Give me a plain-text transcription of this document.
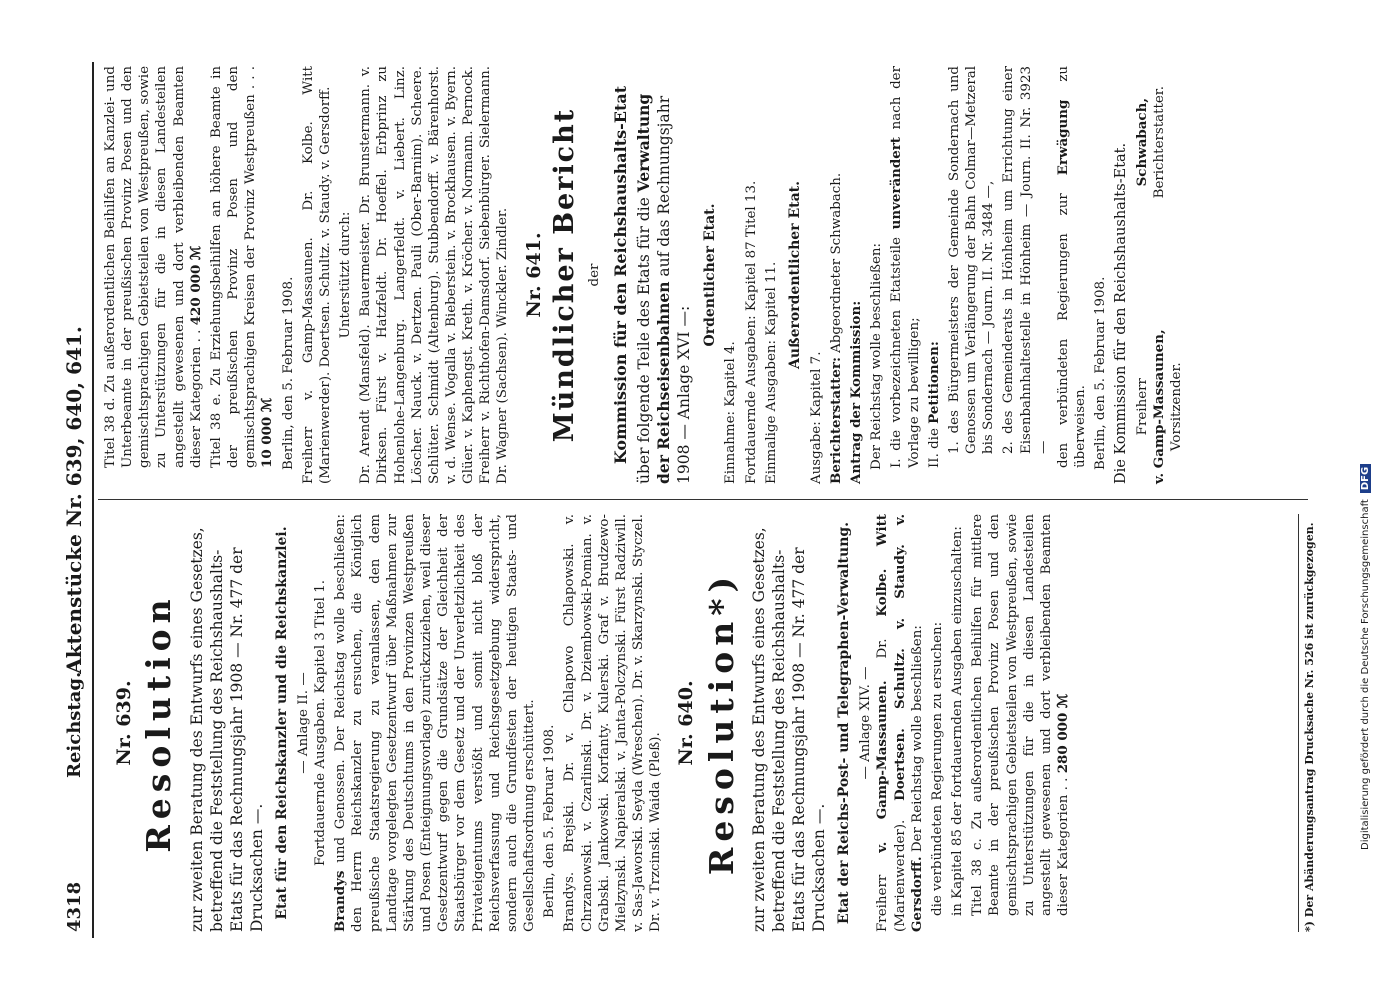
4318
Reichstag.
Aktenstücke Nr. 639, 640, 641.
Nr. 639. Resolution zur zweiten Beratung des Entwurfs eines Gesetzes, betreffend die Feststellung des Reichshaushalts-Etats für das Rechnungsjahr 1908 — Nr. 477 der Drucksachen —. Etat für den Reichskanzler und die Reichskanzlei. — Anlage II. — Fortdauernde Ausgaben. Kapitel 3 Titel 1.

Brandys und Genossen. Der Reichstag wolle beschließen: den Herrn Reichskanzler zu ersuchen, die Königlich preußische Staatsregierung zu veranlassen, den dem Landtage vorgelegten Gesetzentwurf über Maßnahmen zur Stärkung des Deutschtums in den Provinzen Westpreußen und Posen (Enteignungsvorlage) zurückzuziehen, weil dieser Gesetzentwurf gegen die Grundsätze der Gleichheit der Staatsbürger vor dem Gesetz und der Unverletzlichkeit des Privateigentums verstößt und somit nicht bloß der Reichsverfassung und Reichsgesetzgebung widerspricht, sondern auch die Grundfesten der heutigen Staats- und Gesellschaftsordnung erschüttert. Berlin, den 5. Februar 1908. Brandys. Brejski. Dr. v. Chlapowo Chlapowski. v. Chrzanowski. v. Czarlinski. Dr. v. Dziembowski-Pomian. v. Grabski. Jankowski. Korfanty. Kulerski. Graf v. Brudzewo-Mielzynski. Napieralski. v. Janta-Polczynski. Fürst Radziwill. v. Sas-Jaworski. Seyda (Wreschen). Dr. v. Skarzynski. Styczel. Dr. v. Trzcinski. Waida (Pleß).

Nr. 640. Resolution*) zur zweiten Beratung des Entwurfs eines Gesetzes, betreffend die Feststellung des Reichshaushalts-Etats für das Rechnungsjahr 1908 — Nr. 477 der Drucksachen —. Etat der Reichs-Post- und Telegraphen-Verwaltung. — Anlage XIV. —

Freiherr v. Gamp-Massaunen. Dr. Kolbe. Witt (Marienwerder). Doertsen. Schultz. v. Staudy. v. Gersdorff. Der Reichstag wolle beschließen: die verbündeten Regierungen zu ersuchen: in Kapitel 85 der fortdauernden Ausgaben einzuschalten: Titel 38 c. Zu außerordentlichen Beihilfen für mittlere Beamte in der preußischen Provinz Posen und den gemischtsprachigen Gebietsteilen von Westpreußen, sowie zu Unterstützungen für die in diesen Landesteilen angestellt gewesenen und dort verbleibenden Beamten dieser Kategorien . . 280 000 ℳ	*) Der Abänderungsantrag Drucksache Nr. 526 ist zurückgezogen.

Titel 38 d. Zu außerordentlichen Beihilfen an Kanzlei- und Unterbeamte in der preußischen Provinz Posen und den gemischtsprachigen Gebietsteilen von Westpreußen, sowie zu Unterstützungen für die in diesen Landesteilen angestellt gewesenen und dort verbleibenden Beamten dieser Kategorien . . 420 000 ℳ Titel 38 e. Zu Erziehungsbeihilfen an höhere Beamte in der preußischen Provinz Posen und den gemischtsprachigen Kreisen der Provinz Westpreußen . . . 10 000 ℳ Berlin, den 5. Februar 1908. Freiherr v. Gamp-Massaunen. Dr. Kolbe. Witt (Marienwerder). Doertsen. Schultz. v. Staudy. v. Gersdorff. Unterstützt durch: Dr. Arendt (Mansfeld). Bauermeister. Dr. Brunstermann. v. Dirksen. Fürst v. Hatzfeldt. Dr. Hoeffel. Erbprinz zu Hohenlohe-Langenburg. Langerfeldt. v. Liebert. Linz. Löscher. Nauck. v. Dertzen. Pauli (Ober-Barnim). Scheere. Schlüter. Schmidt (Altenburg). Stubbendorff. v. Bärenhorst. v. d. Wense. Vogalla v. Bieberstein. v. Brockhausen. v. Byern. Glüer. v. Kaphengst. Kreth. v. Kröcher. v. Normann. Pernock. Freiherr v. Richthofen-Damsdorf. Siebenbürger. Sielermann. Dr. Wagner (Sachsen). Winckler. Zindler. Nr. 641. Mündlicher Bericht der Kommission für den Reichshaushalts-Etat über folgende Teile des Etats für die Verwaltung der Reichseisenbahnen auf das Rechnungsjahr 1908 — Anlage XVI —:

Ordentlicher Etat.

Einnahme: Kapitel 4. Fortdauernde Ausgaben: Kapitel 87 Titel 13. Einmalige Ausgaben: Kapitel 11. Außerordentlicher Etat.

Ausgabe: Kapitel 7. Berichterstatter: Abgeordneter Schwabach.

Antrag der Kommission: Der Reichstag wolle beschließen: I. die vorbezeichneten Etatsteile unverändert nach der Vorlage zu bewilligen; II. die Petitionen: 1. des Bürgermeisters der Gemeinde Sondernach und Genossen um Verlängerung der Bahn Colmar—Metzeral bis Sondernach — Journ. II. Nr. 3484 —, 2. des Gemeinderats in Hönheim um Errichtung einer Eisenbahnhaltestelle in Hönheim — Journ. II. Nr. 3923 — den verbündeten Regierungen zur Erwägung zu überweisen. Berlin, den 5. Februar 1908. Die Kommission für den Reichshaushalts-Etat. Freiherr v. Gamp-Massaunen, Vorsitzender.
Schwabach, Berichterstatter.
Digitalisierung gefördert durch die Deutsche ForschungsgemeinschaftDFG
